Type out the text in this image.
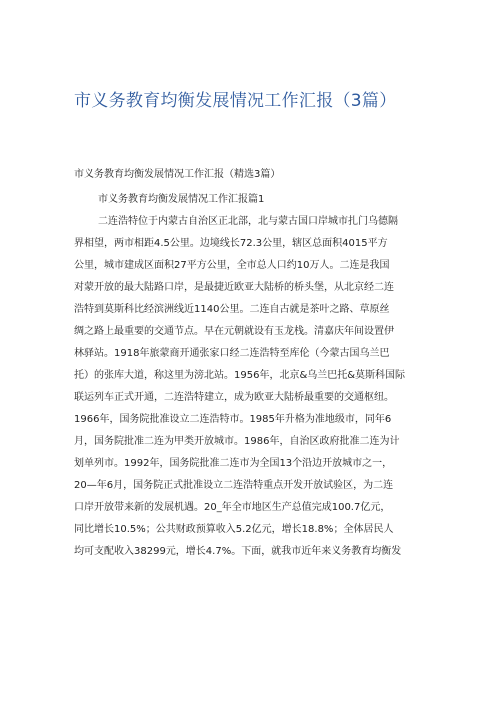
市义务教育均衡发展情况工作汇报（3篇）
市义务教育均衡发展情况工作汇报（精选3篇）
市义务教育均衡发展情况工作汇报篇1
二连浩特位于内蒙古自治区正北部，北与蒙古国口岸城市扎门乌德隔
界相望，两市相距4.5公里。边境线长72.3公里，辖区总面积4015平方
公里，城市建成区面积27平方公里，全市总人口约10万人。二连是我国
对蒙开放的最大陆路口岸，是最捷近欧亚大陆桥的桥头堡，从北京经二连
浩特到莫斯科比经滨洲线近1140公里。二连自古就是茶叶之路、草原丝
绸之路上最重要的交通节点。早在元朝就设有玉龙栈。清嘉庆年间设置伊
林驿站。1918年旅蒙商开通张家口经二连浩特至库伦（今蒙古国乌兰巴
托）的张库大道，称这里为滂北站。1956年，北京&乌兰巴托&莫斯科国际
联运列车正式开通，二连浩特建立，成为欧亚大陆桥最重要的交通枢纽。
1966年，国务院批准设立二连浩特市。1985年升格为准地级市，同年6
月，国务院批准二连为甲类开放城市。1986年，自治区政府批准二连为计
划单列市。1992年，国务院批准二连市为全国13个沿边开放城市之一，
20—年6月，国务院正式批准设立二连浩特重点开发开放试验区，为二连
口岸开放带来新的发展机遇。20_年全市地区生产总值完成100.7亿元，
同比增长10.5%；公共财政预算收入5.2亿元，增长18.8%；全体居民人
均可支配收入38299元，增长4.7%。下面，就我市近年来义务教育均衡发
